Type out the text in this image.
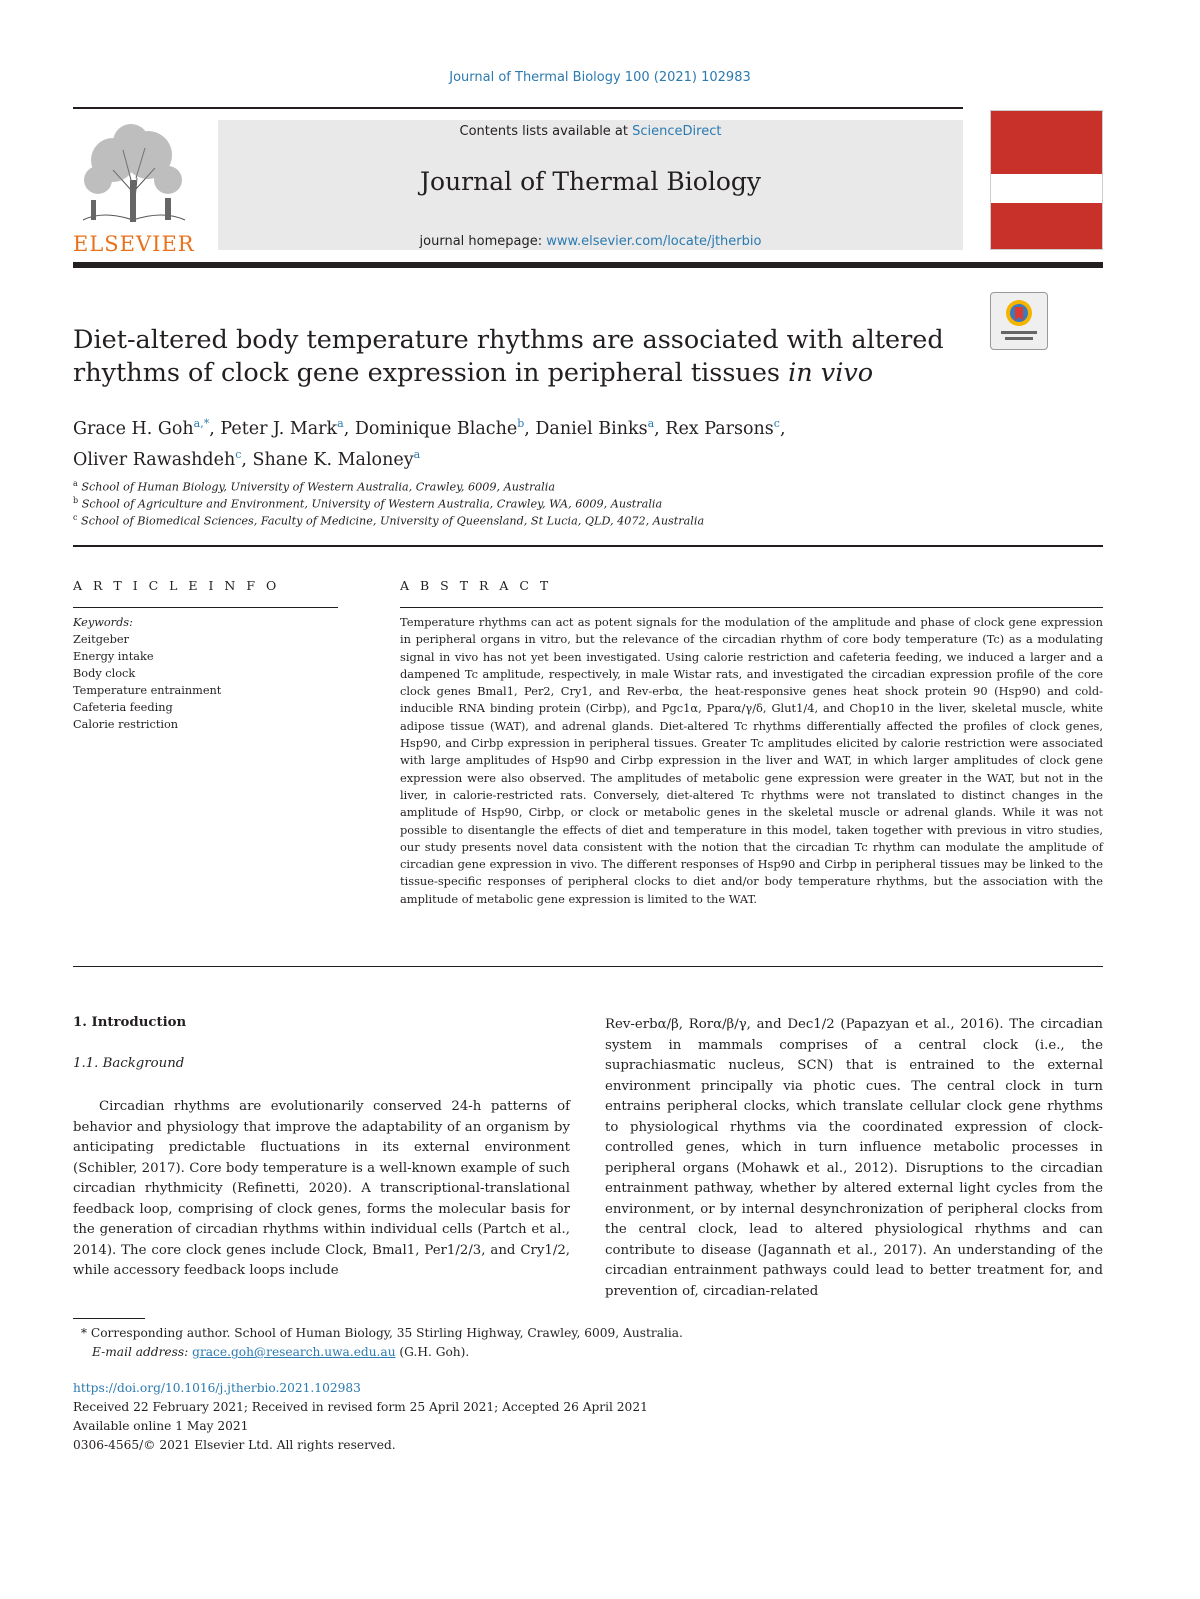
Journal of Thermal Biology 100 (2021) 102983
ELSEVIER
Contents lists available at ScienceDirect
Journal of Thermal Biology
journal homepage: www.elsevier.com/locate/jtherbio
Diet-altered body temperature rhythms are associated with altered rhythms of clock gene expression in peripheral tissues in vivo
Grace H. Goh$^{a,*}$, Peter J. Mark$^a$, Dominique Blache$^b$, Daniel Binks$^a$, Rex Parsons$^c$,
Oliver Rawashdeh$^c$, Shane K. Maloney$^a$
$^a$ School of Human Biology, University of Western Australia, Crawley, 6009, Australia
$^b$ School of Agriculture and Environment, University of Western Australia, Crawley, WA, 6009, Australia
$^c$ School of Biomedical Sciences, Faculty of Medicine, University of Queensland, St Lucia, QLD, 4072, Australia
A R T I C L E I N F O
Keywords:
Zeitgeber
Energy intake
Body clock
Temperature entrainment
Cafeteria feeding
Calorie restriction
A B S T R A C T
Temperature rhythms can act as potent signals for the modulation of the amplitude and phase of clock gene expression in peripheral organs in vitro, but the relevance of the circadian rhythm of core body temperature (Tc) as a modulating signal in vivo has not yet been investigated. Using calorie restriction and cafeteria feeding, we induced a larger and a dampened Tc amplitude, respectively, in male Wistar rats, and investigated the circadian expression profile of the core clock genes Bmal1, Per2, Cry1, and Rev-erbα, the heat-responsive genes heat shock protein 90 (Hsp90) and cold-inducible RNA binding protein (Cirbp), and Pgc1α, Pparα/γ/δ, Glut1/4, and Chop10 in the liver, skeletal muscle, white adipose tissue (WAT), and adrenal glands. Diet-altered Tc rhythms differentially affected the profiles of clock genes, Hsp90, and Cirbp expression in peripheral tissues. Greater Tc amplitudes elicited by calorie restriction were associated with large amplitudes of Hsp90 and Cirbp expression in the liver and WAT, in which larger amplitudes of clock gene expression were also observed. The amplitudes of metabolic gene expression were greater in the WAT, but not in the liver, in calorie-restricted rats. Conversely, diet-altered Tc rhythms were not translated to distinct changes in the amplitude of Hsp90, Cirbp, or clock or metabolic genes in the skeletal muscle or adrenal glands. While it was not possible to disentangle the effects of diet and temperature in this model, taken together with previous in vitro studies, our study presents novel data consistent with the notion that the circadian Tc rhythm can modulate the amplitude of circadian gene expression in vivo. The different responses of Hsp90 and Cirbp in peripheral tissues may be linked to the tissue-specific responses of peripheral clocks to diet and/or body temperature rhythms, but the association with the amplitude of metabolic gene expression is limited to the WAT.
1. Introduction
1.1. Background
Circadian rhythms are evolutionarily conserved 24-h patterns of behavior and physiology that improve the adaptability of an organism by anticipating predictable fluctuations in its external environment (Schibler, 2017). Core body temperature is a well-known example of such circadian rhythmicity (Refinetti, 2020). A transcriptional-translational feedback loop, comprising of clock genes, forms the molecular basis for the generation of circadian rhythms within individual cells (Partch et al., 2014). The core clock genes include Clock, Bmal1, Per1/2/3, and Cry1/2, while accessory feedback loops include
Rev-erbα/β, Rorα/β/γ, and Dec1/2 (Papazyan et al., 2016). The circadian system in mammals comprises of a central clock (i.e., the suprachiasmatic nucleus, SCN) that is entrained to the external environment principally via photic cues. The central clock in turn entrains peripheral clocks, which translate cellular clock gene rhythms to physiological rhythms via the coordinated expression of clock-controlled genes, which in turn influence metabolic processes in peripheral organs (Mohawk et al., 2012). Disruptions to the circadian entrainment pathway, whether by altered external light cycles from the environment, or by internal desynchronization of peripheral clocks from the central clock, lead to altered physiological rhythms and can contribute to disease (Jagannath et al., 2017). An understanding of the circadian entrainment pathways could lead to better treatment for, and prevention of, circadian-related
* Corresponding author. School of Human Biology, 35 Stirling Highway, Crawley, 6009, Australia.
E-mail address: grace.goh@research.uwa.edu.au (G.H. Goh).
https://doi.org/10.1016/j.jtherbio.2021.102983
Received 22 February 2021; Received in revised form 25 April 2021; Accepted 26 April 2021
Available online 1 May 2021
0306-4565/© 2021 Elsevier Ltd. All rights reserved.
